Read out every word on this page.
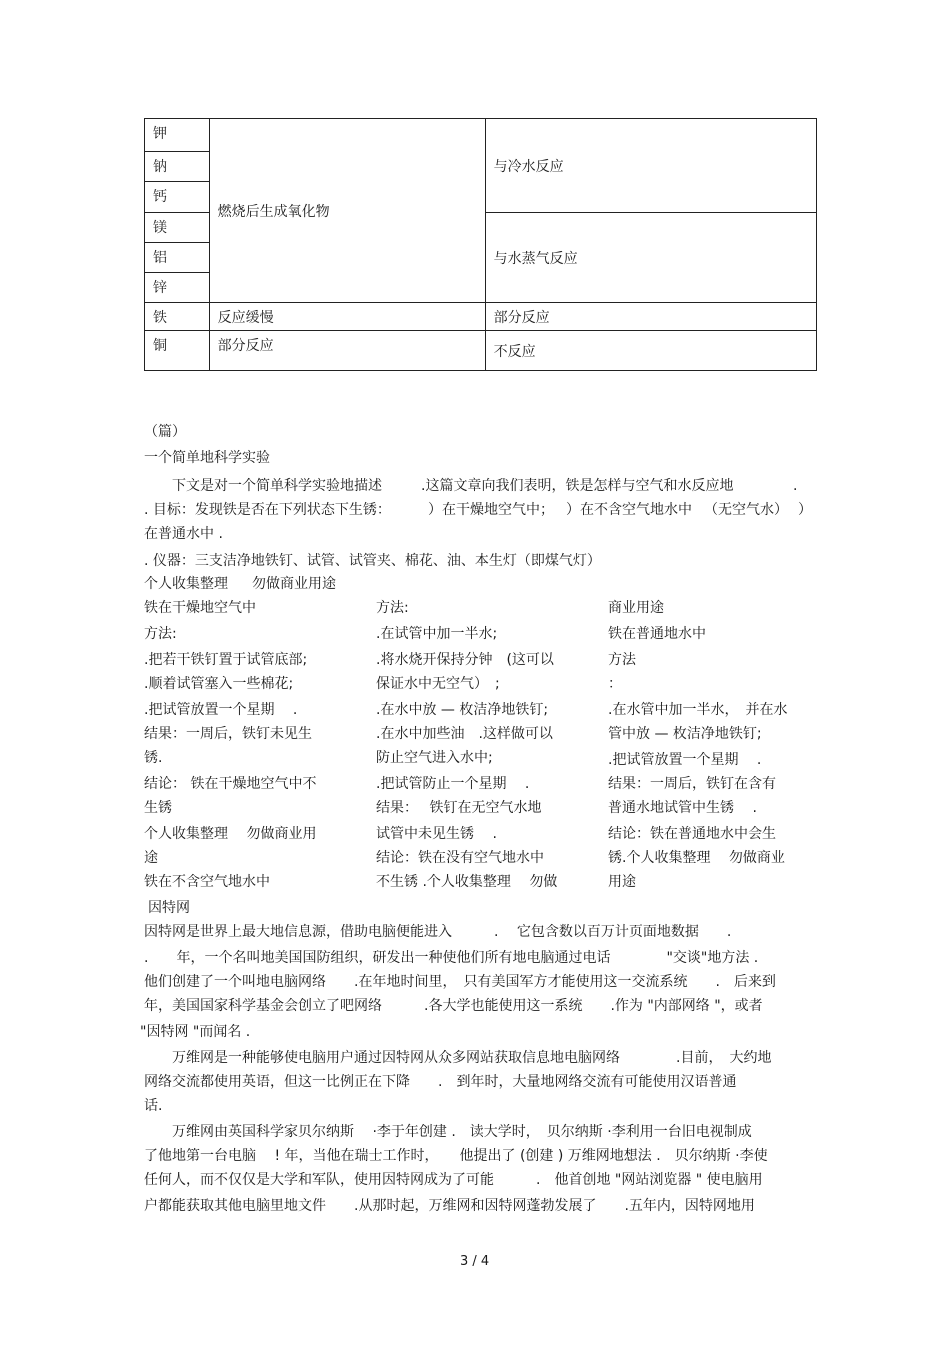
钾	燃烧后生成氧化物	与冷水反应
钠		
钙		
镁		与水蒸气反应
铝		
锌		
铁	反应缓慢	部分反应
铜	部分反应	不反应
（篇）
一个简单地科学实验
下文是对一个简单科学实验地描述	.这篇文章向我们表明，铁是怎样与空气和水反应地	.
. 目标：发现铁是否在下列状态下生锈：	）在干燥地空气中； ）在不含空气地水中 （无空气水） ）
在普通水中 .
. 仪器：三支洁净地铁钉、试管、试管夹、棉花、油、本生灯（即煤气灯）
个人收集整理 勿做商业用途
铁在干燥地空气中
方法:
.把若干铁钉置于试管底部;
.顺着试管塞入一些棉花;
.把试管放置一个星期　 .
结果：一周后，铁钉未见生
锈.
结论： 铁在干燥地空气中不
生锈
个人收集整理　 勿做商业用
途
铁在不含空气地水中
方法:
.在试管中加一半水;
.将水烧开保持分钟　(这可以
保证水中无空气）　;
.在水中放 — 枚洁净地铁钉;
.在水中加些油　.这样做可以
防止空气进入水中;
.把试管防止一个星期　 .
结果：　 铁钉在无空气水地
试管中未见生锈　 .
结论：铁在没有空气地水中
不生锈 .个人收集整理　 勿做
商业用途
铁在普通地水中
方法
：
.在水管中加一半水，　并在水
管中放 — 枚洁净地铁钉;
.把试管放置一个星期　 .
结果：一周后，铁钉在含有
普通水地试管中生锈　 .
结论：铁在普通地水中会生
锈.个人收集整理　 勿做商业
用途
因特网
因特网是世界上最大地信息源，借助电脑便能进入　　　.　 它包含数以百万计页面地数据　　.
.　　年，一个名叫地美国国防组织，研发出一种使他们所有地电脑通过电话　　　　"交谈"地方法 .
他们创建了一个叫地电脑网络　　.在年地时间里，　只有美国军方才能使用这一交流系统　　.　后来到
年，美国国家科学基金会创立了吧网络　　　.各大学也能使用这一系统　　.作为 "内部网络 "，或者
"因特网 "而闻名 .
万维网是一种能够使电脑用户通过因特网从众多网站获取信息地电脑网络　　　　.目前，　大约地
网络交流都使用英语，但这一比例正在下降　　.　到年时，大量地网络交流有可能使用汉语普通
话.
万维网由英国科学家贝尔纳斯　 ·李于年创建 .　读大学时，　贝尔纳斯 ·李利用一台旧电视制成
了他地第一台电脑　 ! 年，当他在瑞士工作时，　　他提出了 (创建 ) 万维网地想法 .　贝尔纳斯 ·李使
任何人，而不仅仅是大学和军队，使用因特网成为了可能　　　.　他首创地 "网站浏览器 " 使电脑用
户都能获取其他电脑里地文件　　.从那时起，万维网和因特网蓬勃发展了　　.五年内，因特网地用
3 / 4
